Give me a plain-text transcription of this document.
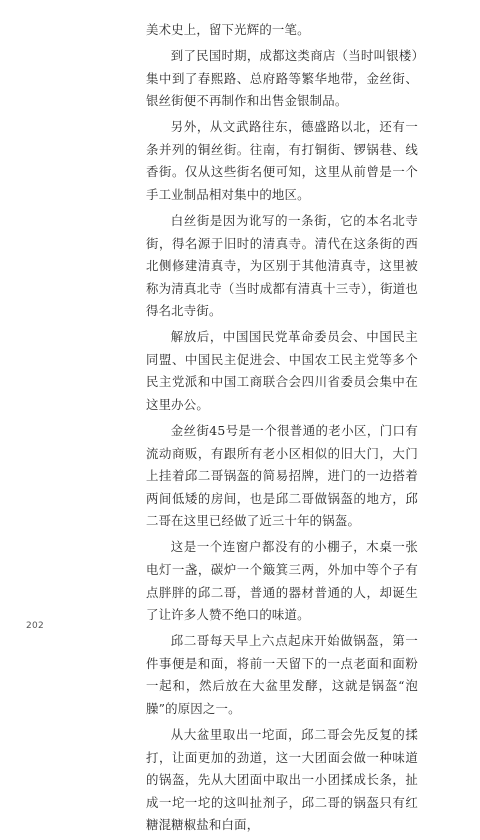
美术史上，留下光辉的一笔。

到了民国时期，成都这类商店（当时叫银楼）集中到了春熙路、总府路等繁华地带，金丝街、银丝街便不再制作和出售金银制品。

另外，从文武路往东，德盛路以北，还有一条并列的铜丝街。往南，有打铜街、锣锅巷、线香街。仅从这些街名便可知，这里从前曾是一个手工业制品相对集中的地区。

白丝街是因为讹写的一条街，它的本名北寺街，得名源于旧时的清真寺。清代在这条街的西北侧修建清真寺，为区别于其他清真寺，这里被称为清真北寺（当时成都有清真十三寺），街道也得名北寺街。

解放后，中国国民党革命委员会、中国民主同盟、中国民主促进会、中国农工民主党等多个民主党派和中国工商联合会四川省委员会集中在这里办公。

金丝街45号是一个很普通的老小区，门口有流动商贩，有跟所有老小区相似的旧大门，大门上挂着邱二哥锅盔的简易招牌，进门的一边搭着两间低矮的房间，也是邱二哥做锅盔的地方，邱二哥在这里已经做了近三十年的锅盔。

这是一个连窗户都没有的小棚子，木桌一张电灯一盏，碳炉一个簸箕三两，外加中等个子有点胖胖的邱二哥，普通的器材普通的人，却诞生了让许多人赞不绝口的味道。

邱二哥每天早上六点起床开始做锅盔，第一件事便是和面，将前一天留下的一点老面和面粉一起和，然后放在大盆里发酵，这就是锅盔“泡臊”的原因之一。

从大盆里取出一坨面，邱二哥会先反复的揉打，让面更加的劲道，这一大团面会做一种味道的锅盔，先从大团面中取出一小团揉成长条，扯成一坨一坨的这叫扯剂子，邱二哥的锅盔只有红糖混糖椒盐和白面，

202
